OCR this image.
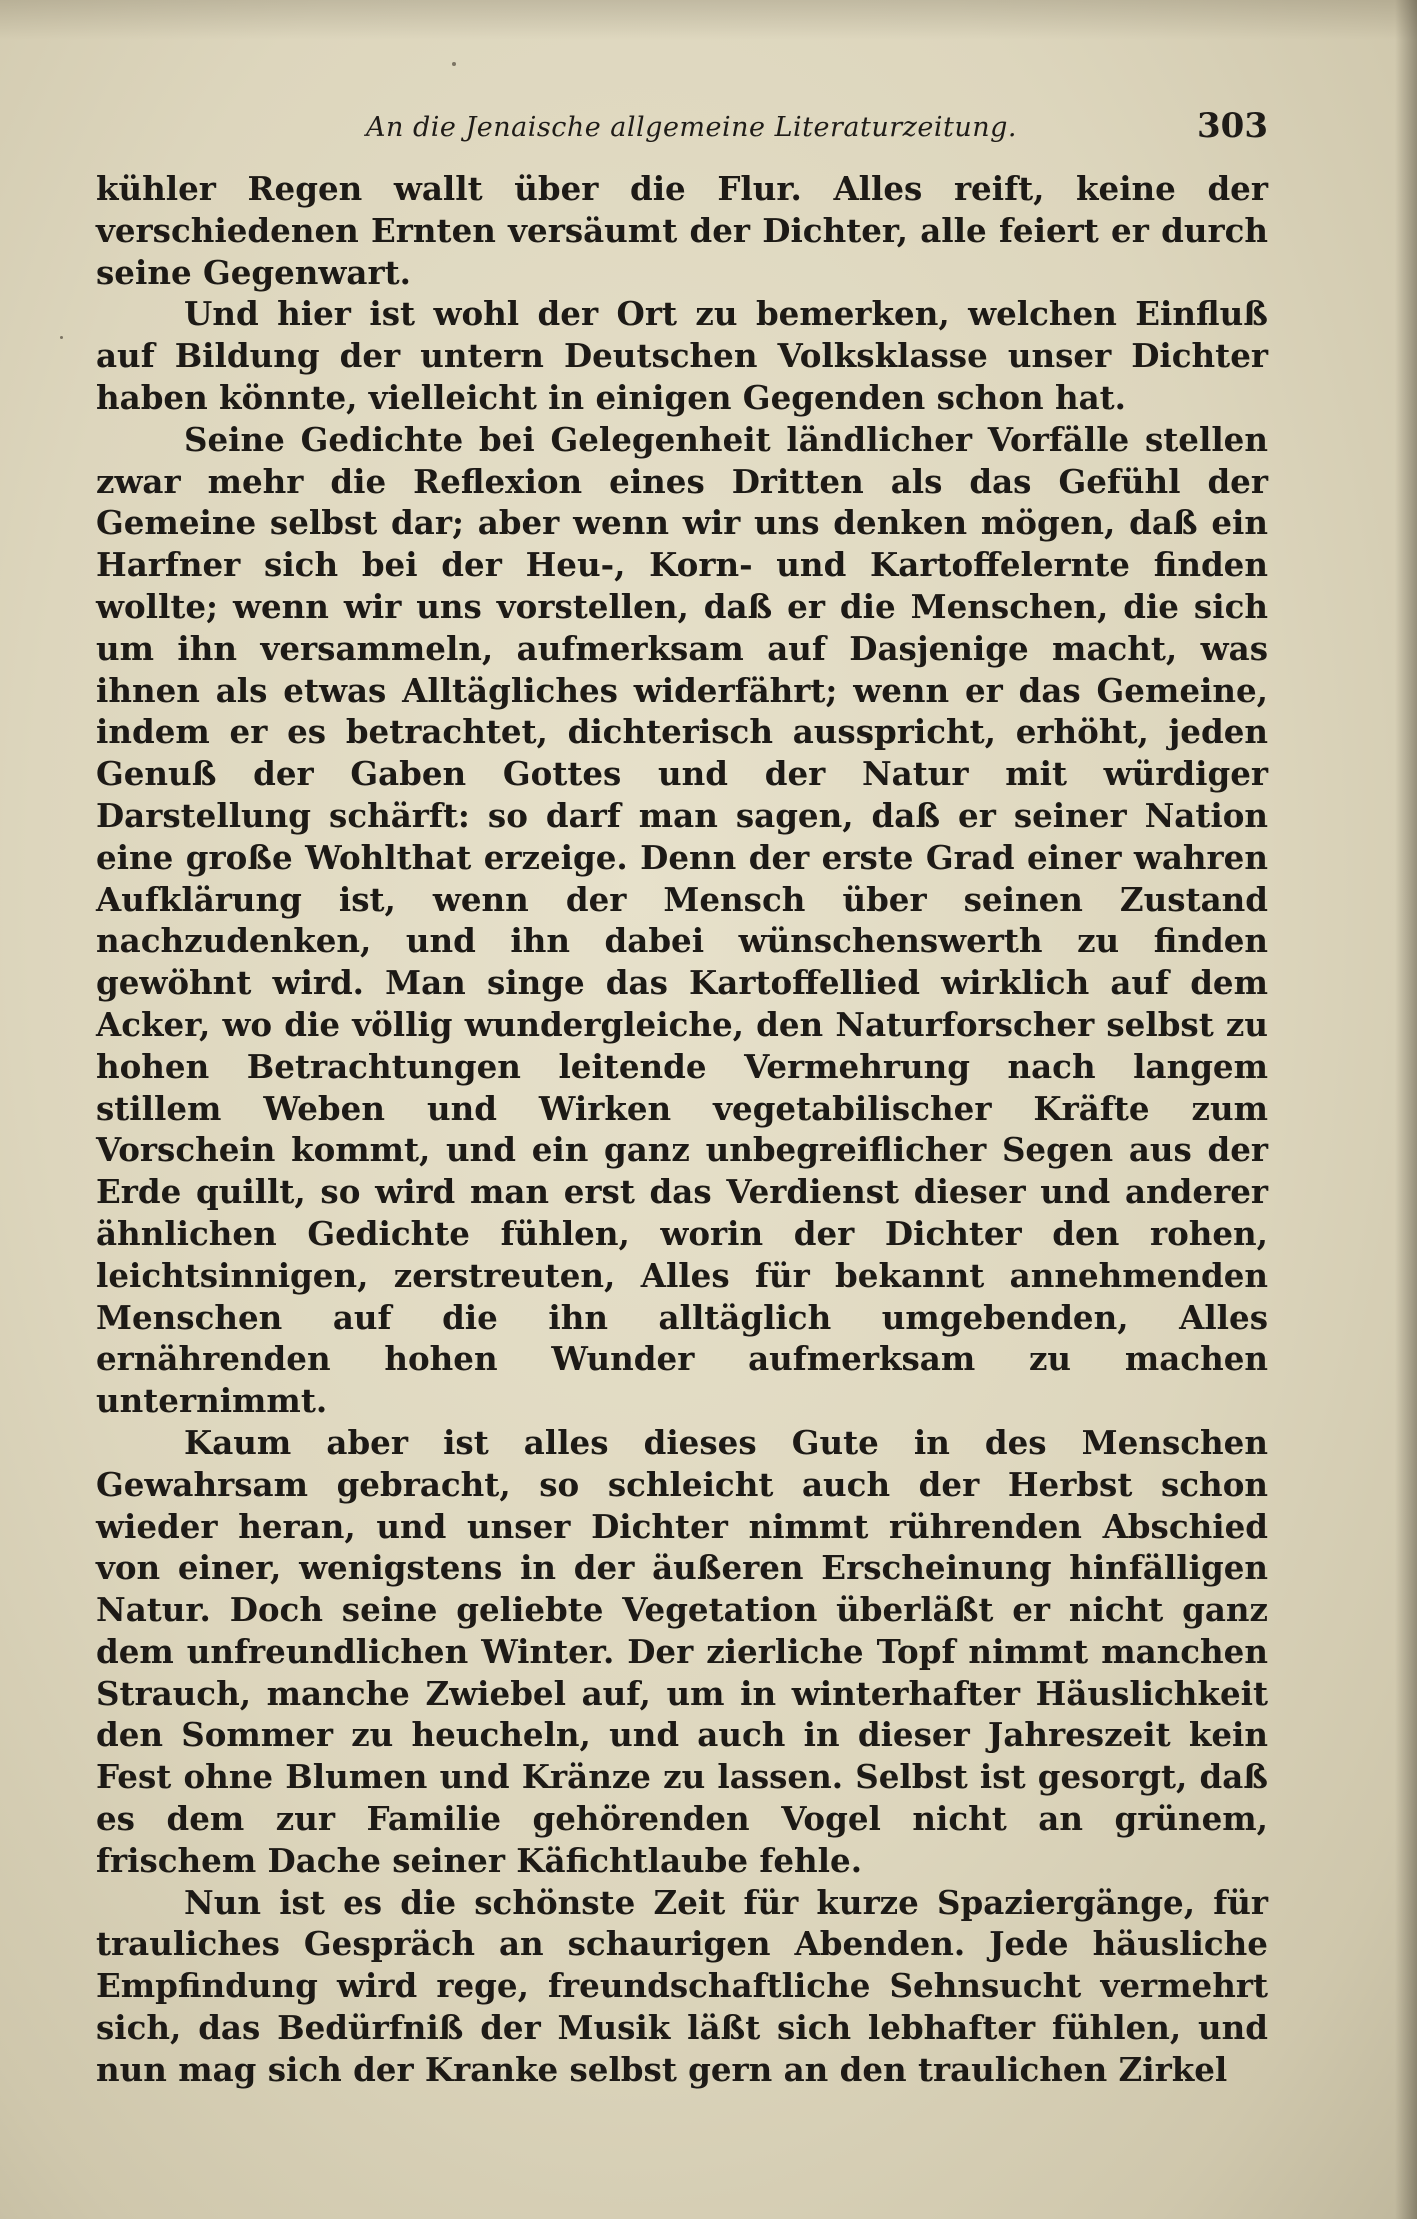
An die Jenaische allgemeine Literaturzeitung.	303

kühler Regen wallt über die Flur. Alles reift, keine der verschiedenen Ernten versäumt der Dichter, alle feiert er durch seine Gegenwart.

Und hier ist wohl der Ort zu bemerken, welchen Einfluß auf Bildung der untern Deutschen Volksklasse unser Dichter haben könnte, vielleicht in einigen Gegenden schon hat.

Seine Gedichte bei Gelegenheit ländlicher Vorfälle stellen zwar mehr die Reflexion eines Dritten als das Gefühl der Gemeine selbst dar; aber wenn wir uns denken mögen, daß ein Harfner sich bei der Heu-, Korn- und Kartoffelernte finden wollte; wenn wir uns vorstellen, daß er die Menschen, die sich um ihn versammeln, aufmerksam auf Dasjenige macht, was ihnen als etwas Alltägliches widerfährt; wenn er das Gemeine, indem er es betrachtet, dichterisch ausspricht, erhöht, jeden Genuß der Gaben Gottes und der Natur mit würdiger Darstellung schärft: so darf man sagen, daß er seiner Nation eine große Wohlthat erzeige. Denn der erste Grad einer wahren Aufklärung ist, wenn der Mensch über seinen Zustand nachzudenken, und ihn dabei wünschenswerth zu finden gewöhnt wird. Man singe das Kartoffellied wirklich auf dem Acker, wo die völlig wundergleiche, den Naturforscher selbst zu hohen Betrachtungen leitende Vermehrung nach langem stillem Weben und Wirken vegetabilischer Kräfte zum Vorschein kommt, und ein ganz unbegreiflicher Segen aus der Erde quillt, so wird man erst das Verdienst dieser und anderer ähnlichen Gedichte fühlen, worin der Dichter den rohen, leichtsinnigen, zerstreuten, Alles für bekannt annehmenden Menschen auf die ihn alltäglich umgebenden, Alles ernährenden hohen Wunder aufmerksam zu machen unternimmt.

Kaum aber ist alles dieses Gute in des Menschen Gewahrsam gebracht, so schleicht auch der Herbst schon wieder heran, und unser Dichter nimmt rührenden Abschied von einer, wenigstens in der äußeren Erscheinung hinfälligen Natur. Doch seine geliebte Vegetation überläßt er nicht ganz dem unfreundlichen Winter. Der zierliche Topf nimmt manchen Strauch, manche Zwiebel auf, um in winterhafter Häuslichkeit den Sommer zu heucheln, und auch in dieser Jahreszeit kein Fest ohne Blumen und Kränze zu lassen. Selbst ist gesorgt, daß es dem zur Familie gehörenden Vogel nicht an grünem, frischem Dache seiner Käfichtlaube fehle.

Nun ist es die schönste Zeit für kurze Spaziergänge, für trauliches Gespräch an schaurigen Abenden. Jede häusliche Empfindung wird rege, freundschaftliche Sehnsucht vermehrt sich, das Bedürfniß der Musik läßt sich lebhafter fühlen, und nun mag sich der Kranke selbst gern an den traulichen Zirkel
